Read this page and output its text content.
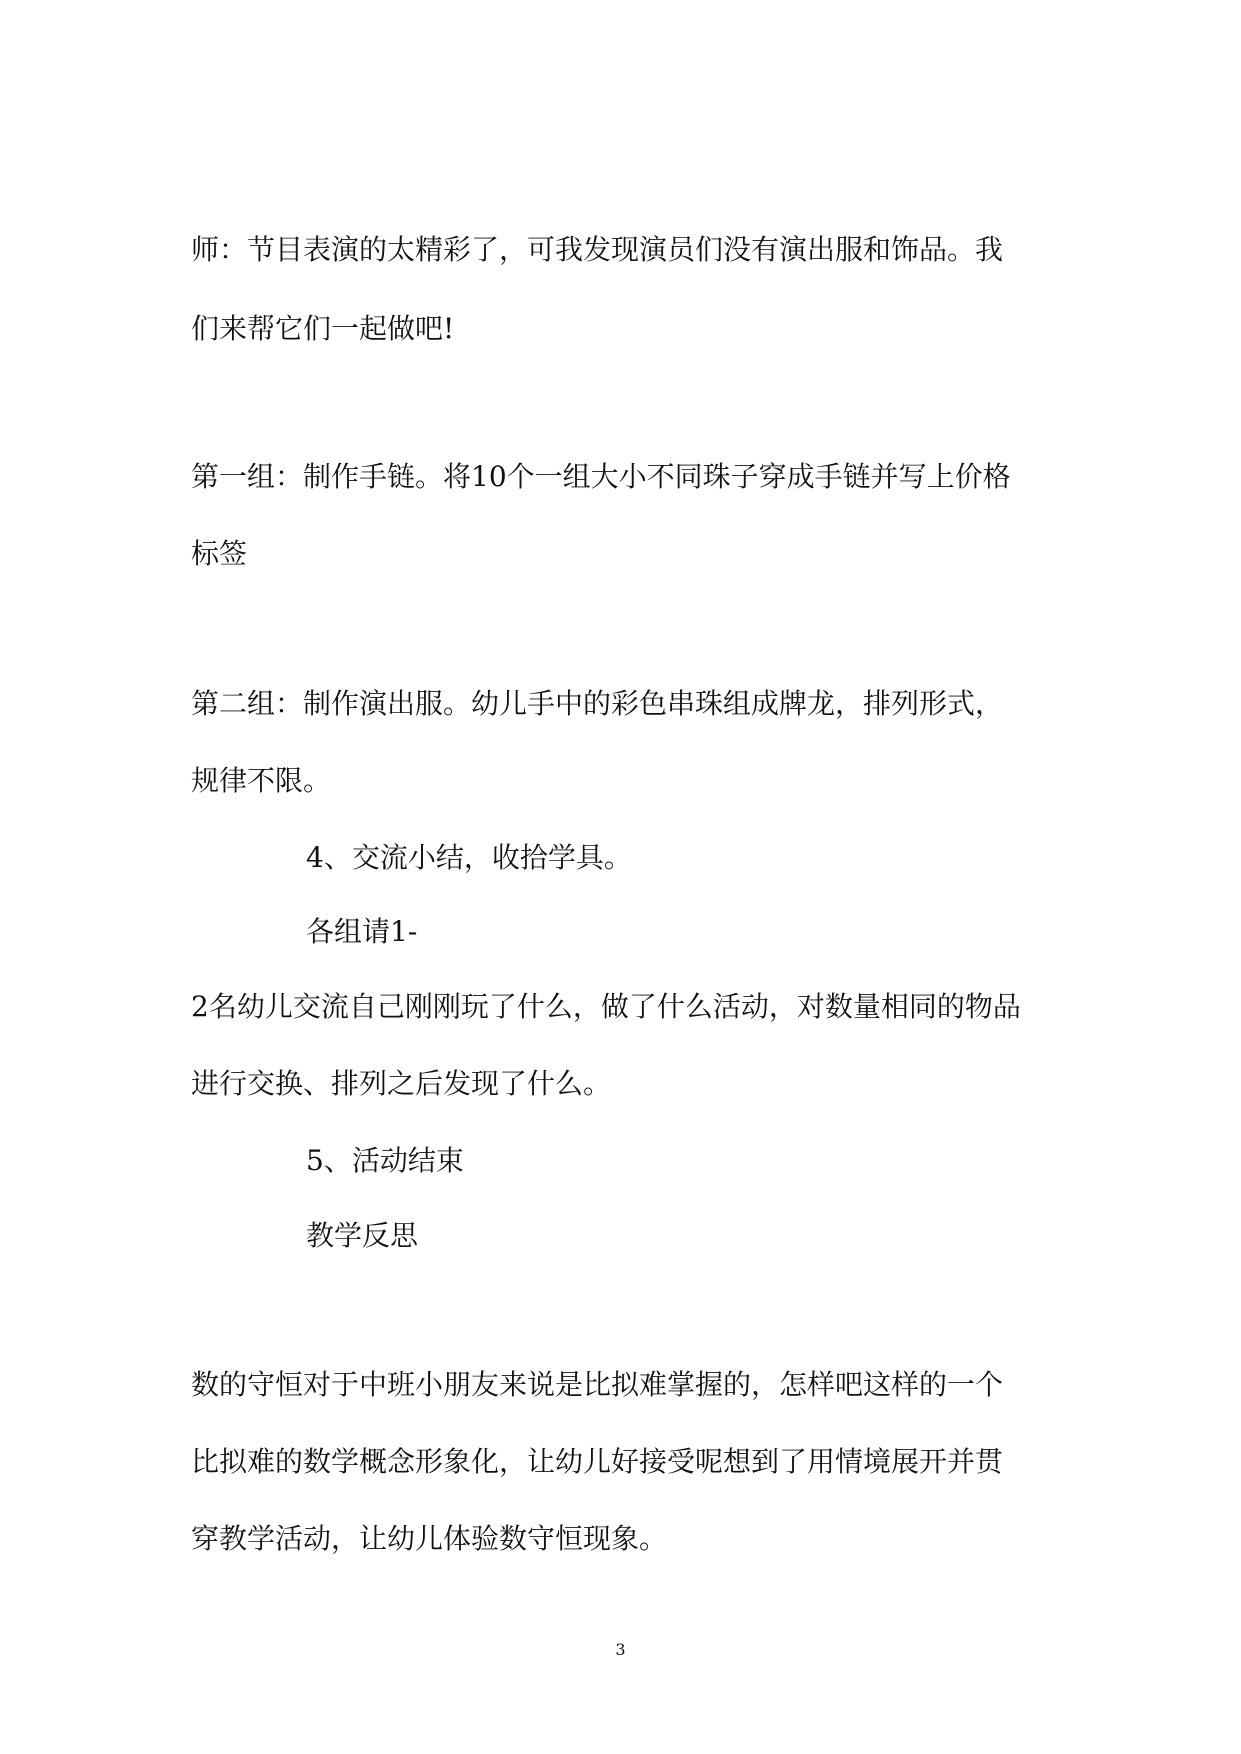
师：节目表演的太精彩了，可我发现演员们没有演出服和饰品。我
们来帮它们一起做吧!
第一组：制作手链。将10个一组大小不同珠子穿成手链并写上价格
标签
第二组：制作演出服。幼儿手中的彩色串珠组成牌龙，排列形式，
规律不限。
4、交流小结，收拾学具。
各组请1-
2名幼儿交流自己刚刚玩了什么，做了什么活动，对数量相同的物品
进行交换、排列之后发现了什么。
5、活动结束
教学反思
数的守恒对于中班小朋友来说是比拟难掌握的，怎样吧这样的一个
比拟难的数学概念形象化，让幼儿好接受呢想到了用情境展开并贯
穿教学活动，让幼儿体验数守恒现象。
3
